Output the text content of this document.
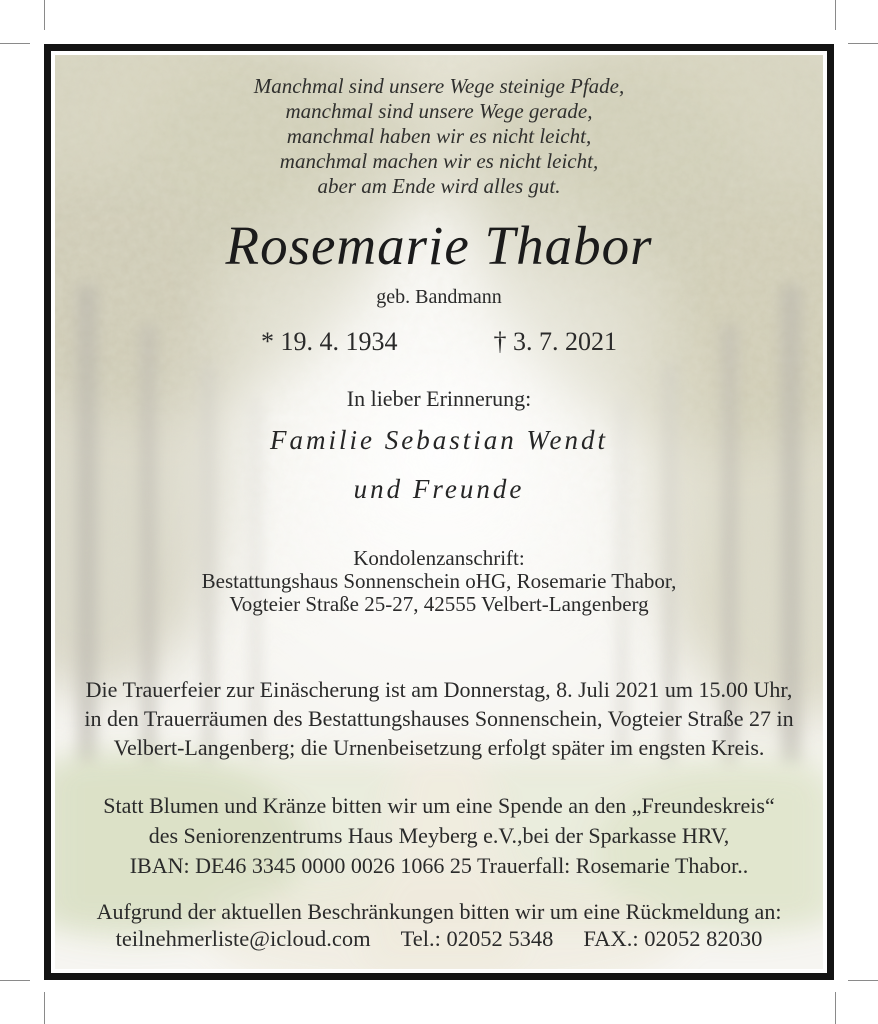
Manchmal sind unsere Wege steinige Pfade,
manchmal sind unsere Wege gerade,
manchmal haben wir es nicht leicht,
manchmal machen wir es nicht leicht,
aber am Ende wird alles gut.
Rosemarie Thabor
geb. Bandmann
* 19. 4. 1934	† 3. 7. 2021
In lieber Erinnerung:
Familie Sebastian Wendt
und Freunde
Kondolenzanschrift:
Bestattungshaus Sonnenschein oHG, Rosemarie Thabor,
Vogteier Straße 25-27, 42555 Velbert-Langenberg
Die Trauerfeier zur Einäscherung ist am Donnerstag, 8. Juli 2021 um 15.00 Uhr,
in den Trauerräumen des Bestattungshauses Sonnenschein, Vogteier Straße 27 in
Velbert-Langenberg; die Urnenbeisetzung erfolgt später im engsten Kreis.
Statt Blumen und Kränze bitten wir um eine Spende an den „Freundeskreis“
des Seniorenzentrums Haus Meyberg e.V.,bei der Sparkasse HRV,
IBAN: DE46 3345 0000 0026 1066 25 Trauerfall: Rosemarie Thabor..
Aufgrund der aktuellen Beschränkungen bitten wir um eine Rückmeldung an:
teilnehmerliste@icloud.com Tel.: 02052 5348 FAX.: 02052 82030
